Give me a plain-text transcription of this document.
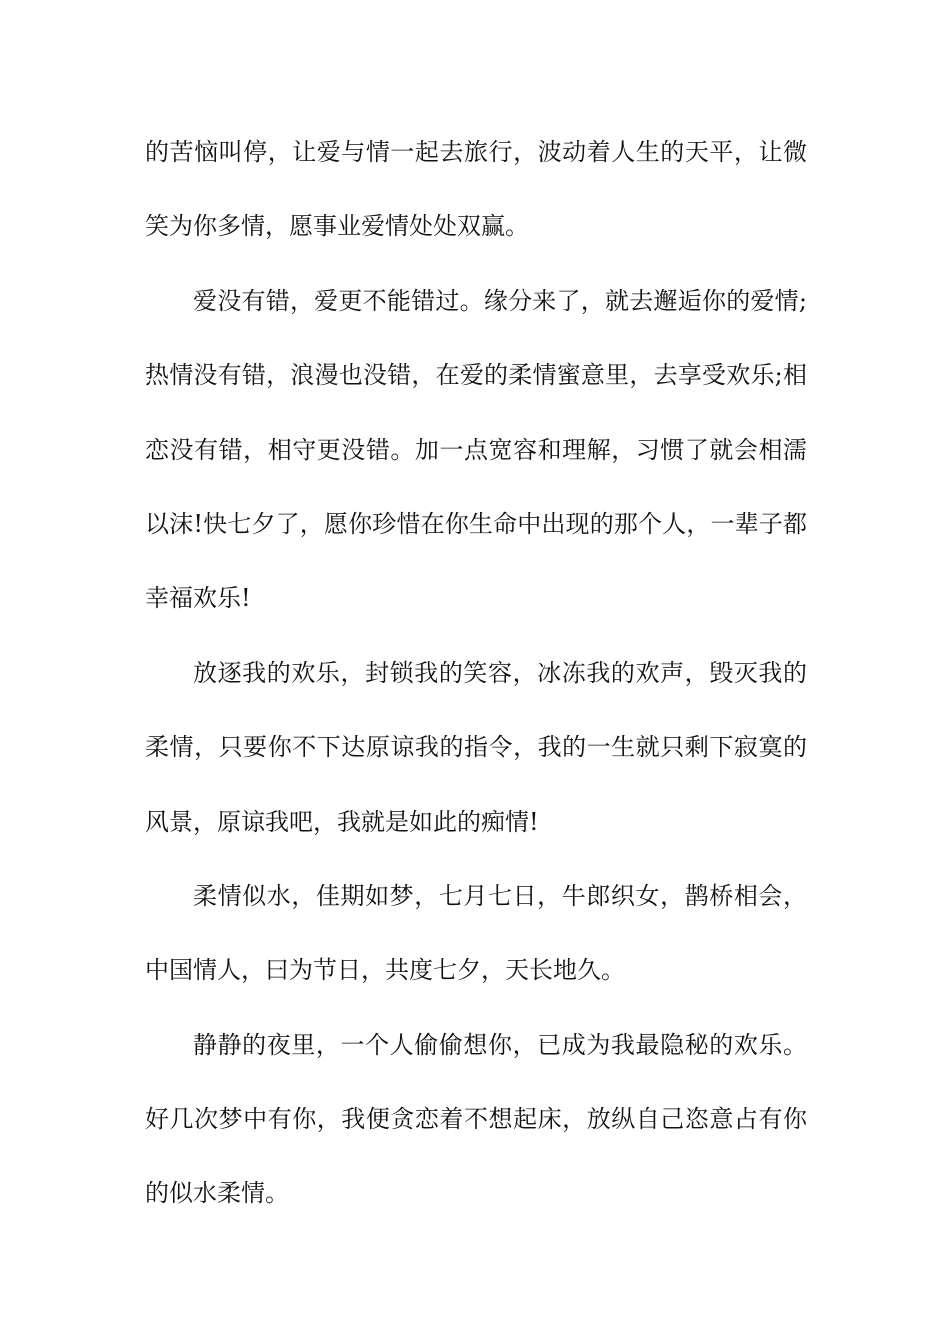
的苦恼叫停，让爱与情一起去旅行，波动着人生的天平，让微
笑为你多情，愿事业爱情处处双赢。
爱没有错，爱更不能错过。缘分来了，就去邂逅你的爱情;
热情没有错，浪漫也没错，在爱的柔情蜜意里，去享受欢乐;相
恋没有错，相守更没错。加一点宽容和理解，习惯了就会相濡
以沫!快七夕了，愿你珍惜在你生命中出现的那个人，一辈子都
幸福欢乐!
放逐我的欢乐，封锁我的笑容，冰冻我的欢声，毁灭我的
柔情，只要你不下达原谅我的指令，我的一生就只剩下寂寞的
风景，原谅我吧，我就是如此的痴情!
柔情似水，佳期如梦，七月七日，牛郎织女，鹊桥相会，
中国情人，曰为节日，共度七夕，天长地久。
静静的夜里，一个人偷偷想你，已成为我最隐秘的欢乐。
好几次梦中有你，我便贪恋着不想起床，放纵自己恣意占有你
的似水柔情。
